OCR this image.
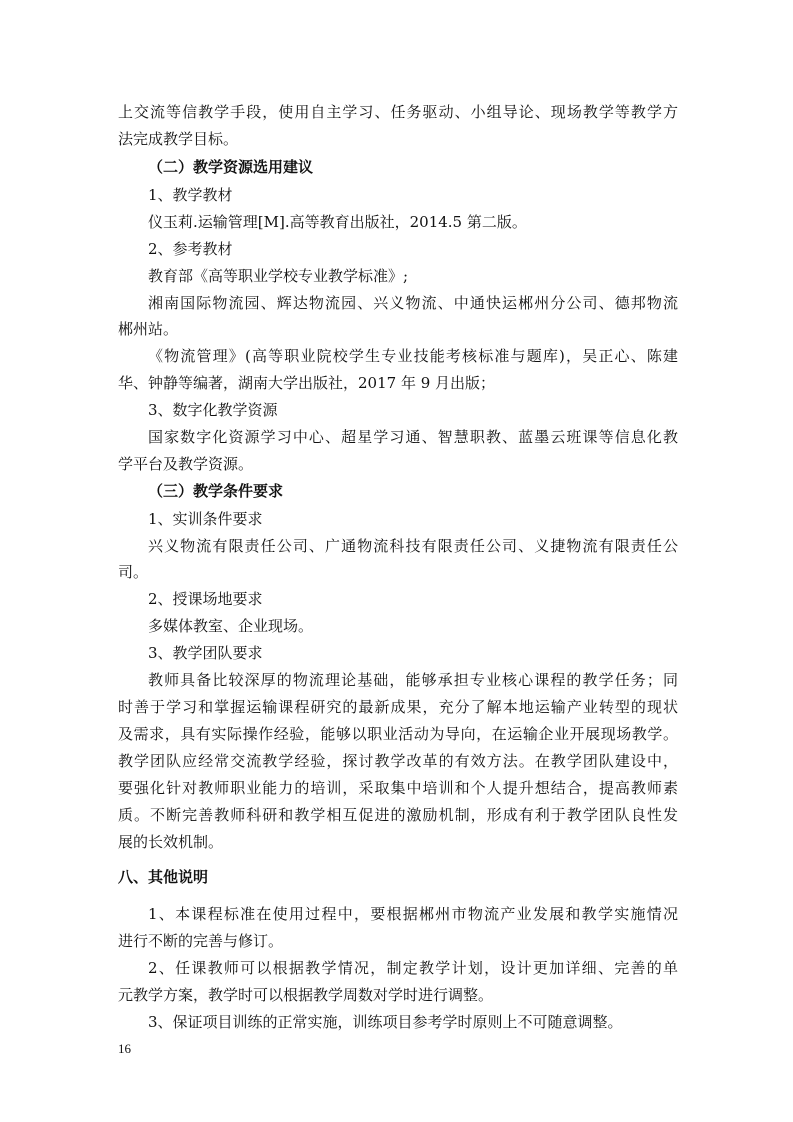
上交流等信教学手段，使用自主学习、任务驱动、小组导论、现场教学等教学方
法完成教学目标。
（二）教学资源选用建议
1、教学教材
仪玉莉.运输管理[M].高等教育出版社，2014.5 第二版。
2、参考教材
教育部《高等职业学校专业教学标准》;
湘南国际物流园、辉达物流园、兴义物流、中通快运郴州分公司、德邦物流
郴州站。
《物流管理》(高等职业院校学生专业技能考核标准与题库)，吴正心、陈建
华、钟静等编著，湖南大学出版社，2017 年 9 月出版；
3、数字化教学资源
国家数字化资源学习中心、超星学习通、智慧职教、蓝墨云班课等信息化教
学平台及教学资源。
（三）教学条件要求
1、实训条件要求
兴义物流有限责任公司、广通物流科技有限责任公司、义捷物流有限责任公
司。
2、授课场地要求
多媒体教室、企业现场。
3、教学团队要求
教师具备比较深厚的物流理论基础，能够承担专业核心课程的教学任务；同
时善于学习和掌握运输课程研究的最新成果，充分了解本地运输产业转型的现状
及需求，具有实际操作经验，能够以职业活动为导向，在运输企业开展现场教学。
教学团队应经常交流教学经验，探讨教学改革的有效方法。在教学团队建设中，
要强化针对教师职业能力的培训，采取集中培训和个人提升想结合，提高教师素
质。不断完善教师科研和教学相互促进的激励机制，形成有利于教学团队良性发
展的长效机制。
八、其他说明
1、本课程标准在使用过程中，要根据郴州市物流产业发展和教学实施情况
进行不断的完善与修订。
2、任课教师可以根据教学情况，制定教学计划，设计更加详细、完善的单
元教学方案，教学时可以根据教学周数对学时进行调整。
3、保证项目训练的正常实施，训练项目参考学时原则上不可随意调整。
16
